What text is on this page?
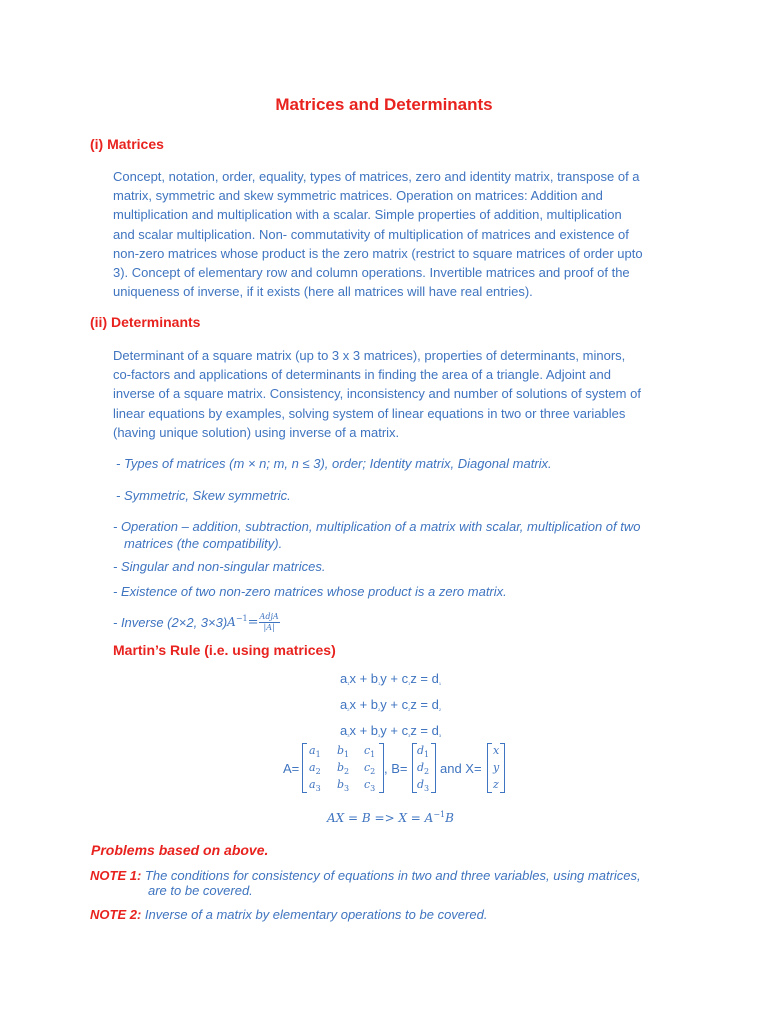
Matrices and Determinants
(i) Matrices
Concept, notation, order, equality, types of matrices, zero and identity matrix, transpose of a
matrix, symmetric and skew symmetric matrices. Operation on matrices: Addition and
multiplication and multiplication with a scalar. Simple properties of addition, multiplication
and scalar multiplication. Non- commutativity of multiplication of matrices and existence of
non-zero matrices whose product is the zero matrix (restrict to square matrices of order upto
3). Concept of elementary row and column operations. Invertible matrices and proof of the
uniqueness of inverse, if it exists (here all matrices will have real entries).
(ii) Determinants
Determinant of a square matrix (up to 3 x 3 matrices), properties of determinants, minors,
co-factors and applications of determinants in finding the area of a triangle. Adjoint and
inverse of a square matrix. Consistency, inconsistency and number of solutions of system of
linear equations by examples, solving system of linear equations in two or three variables
(having unique solution) using inverse of a matrix.
- Types of matrices (m × n; m, n ≤ 3), order; Identity matrix, Diagonal matrix.
- Symmetric, Skew symmetric.
- Operation – addition, subtraction, multiplication of a matrix with scalar, multiplication of two
matrices (the compatibility).
- Singular and non-singular matrices.
- Existence of two non-zero matrices whose product is a zero matrix.
- Inverse (2×2, 3×3) $A^{-1}$ = AdjA
|A|
Martin’s Rule (i.e. using matrices)
$a_1x + b_1y + c_1z = d_1$
$a_2x + b_2y + c_2z = d_2$
$a_3x + b_3y + c_3z = d_3$
A=
$a_1$ $b_1$ $c_1$
$a_2$ $b_2$ $c_2$
$a_3$ $b_3$ $c_3$
, B=
$d_1$
$d_2$
$d_3$
and X=
x
y
z
AX = $B => X = A^{-1}B$
Problems based on above.
NOTE 1: The conditions for consistency of equations in two and three variables, using matrices,
are to be covered.
NOTE 2: Inverse of a matrix by elementary operations to be covered.
